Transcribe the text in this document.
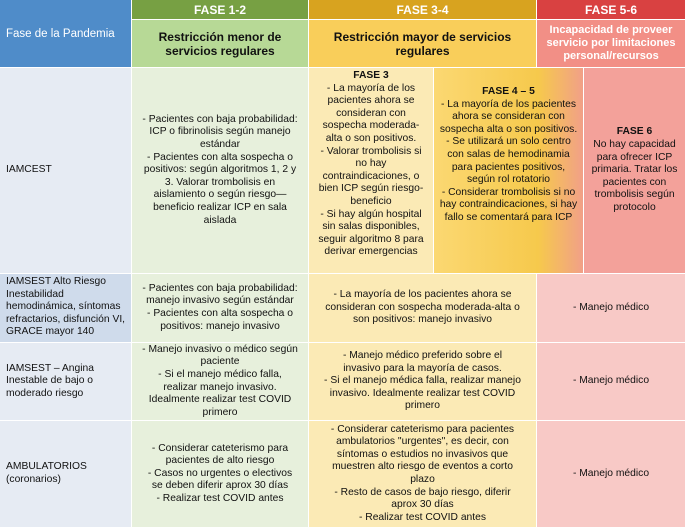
Fase de la Pandemia
FASE 1-2	FASE 3-4	FASE 5-6
Restricción menor de servicios regulares
Restricción mayor de servicios regulares
Incapacidad de proveer servicio por limitaciones personal/recursos
IAMCEST
- Pacientes con baja probabilidad: ICP o fibrinolisis según manejo estándar
- Pacientes con alta sospecha o positivos: según algoritmos 1, 2 y 3. Valorar trombolisis en aislamiento o según riesgo—beneficio realizar ICP en sala aislada
FASE 3
- La mayoría de los pacientes ahora se consideran con sospecha moderada-alta o son positivos.
- Valorar trombolisis si no hay contraindicaciones, o bien ICP según riesgo-beneficio
- Si hay algún hospital sin salas disponibles, seguir algoritmo 8 para derivar emergencias
FASE 4 – 5
- La mayoría de los pacientes ahora se consideran con sospecha alta o son positivos.
- Se utilizará un solo centro con salas de hemodinamia para pacientes positivos, según rol rotatorio
- Considerar trombolisis si no hay contraindicaciones, si hay fallo se comentará para ICP
FASE 6
No hay capacidad para ofrecer ICP primaria. Tratar los pacientes con trombolisis según protocolo
IAMSEST Alto Riesgo Inestabilidad hemodinámica, síntomas refractarios, disfunción VI, GRACE mayor 140
- Pacientes con baja probabilidad: manejo invasivo según estándar
- Pacientes con alta sospecha o positivos: manejo invasivo
- La mayoría de los pacientes ahora se consideran con sospecha moderada-alta o son positivos: manejo invasivo
- Manejo médico
IAMSEST – Angina Inestable de bajo o moderado riesgo
- Manejo invasivo o médico según paciente
- Si el manejo médico falla, realizar manejo invasivo. Idealmente realizar test COVID primero
- Manejo médico preferido sobre el invasivo para la mayoría de casos.
- Si el manejo médica falla, realizar manejo invasivo. Idealmente realizar test COVID primero
- Manejo médico
AMBULATORIOS (coronarios)
- Considerar cateterismo para pacientes de alto riesgo
- Casos no urgentes o electivos se deben diferir aprox 30 días
- Realizar test COVID antes
- Considerar cateterismo para pacientes ambulatorios "urgentes", es decir, con síntomas o estudios no invasivos que muestren alto riesgo de eventos a corto plazo
- Resto de casos de bajo riesgo, diferir aprox 30 días
- Realizar test COVID antes
- Manejo médico
